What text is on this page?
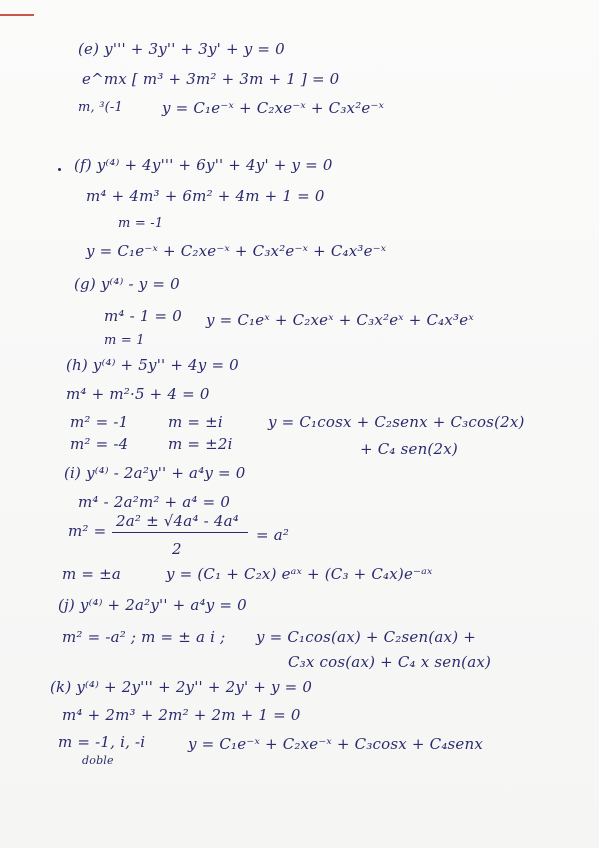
(e) y''' + 3y'' + 3y' + y = 0
e^mx [ m³ + 3m² + 3m + 1 ] = 0
m, ³(-1	y = C₁e⁻ˣ + C₂xe⁻ˣ + C₃x²e⁻ˣ
(f) y⁽⁴⁾ + 4y''' + 6y'' + 4y' + y = 0
m⁴ + 4m³ + 6m² + 4m + 1 = 0
m = -1
y = C₁e⁻ˣ + C₂xe⁻ˣ + C₃x²e⁻ˣ + C₄x³e⁻ˣ
(g) y⁽⁴⁾ - y = 0
m⁴ - 1 = 0 y = C₁eˣ + C₂xeˣ + C₃x²eˣ + C₄x³eˣ
m = 1
(h) y⁽⁴⁾ + 5y'' + 4y = 0
m⁴ + m²·5 + 4 = 0
m² = -1	m = ±i	y = C₁cosx + C₂senx + C₃cos(2x)
m² = -4	m = ±2i	+ C₄ sen(2x)
(i) y⁽⁴⁾ - 2a²y'' + a⁴y = 0
m⁴ - 2a²m² + a⁴ = 0
m² =
2a² ± √4a⁴ - 4a⁴
2
= a²
m = ±a	y = (C₁ + C₂x) eᵃˣ + (C₃ + C₄x)e⁻ᵃˣ
(j) y⁽⁴⁾ + 2a²y'' + a⁴y = 0
m² = -a² ; m = ± a i ; y = C₁cos(ax) + C₂sen(ax) +
C₃x cos(ax) + C₄ x sen(ax)
(k) y⁽⁴⁾ + 2y''' + 2y'' + 2y' + y = 0
m⁴ + 2m³ + 2m² + 2m + 1 = 0
m = -1, i, -i	y = C₁e⁻ˣ + C₂xe⁻ˣ + C₃cosx + C₄senx
doble
